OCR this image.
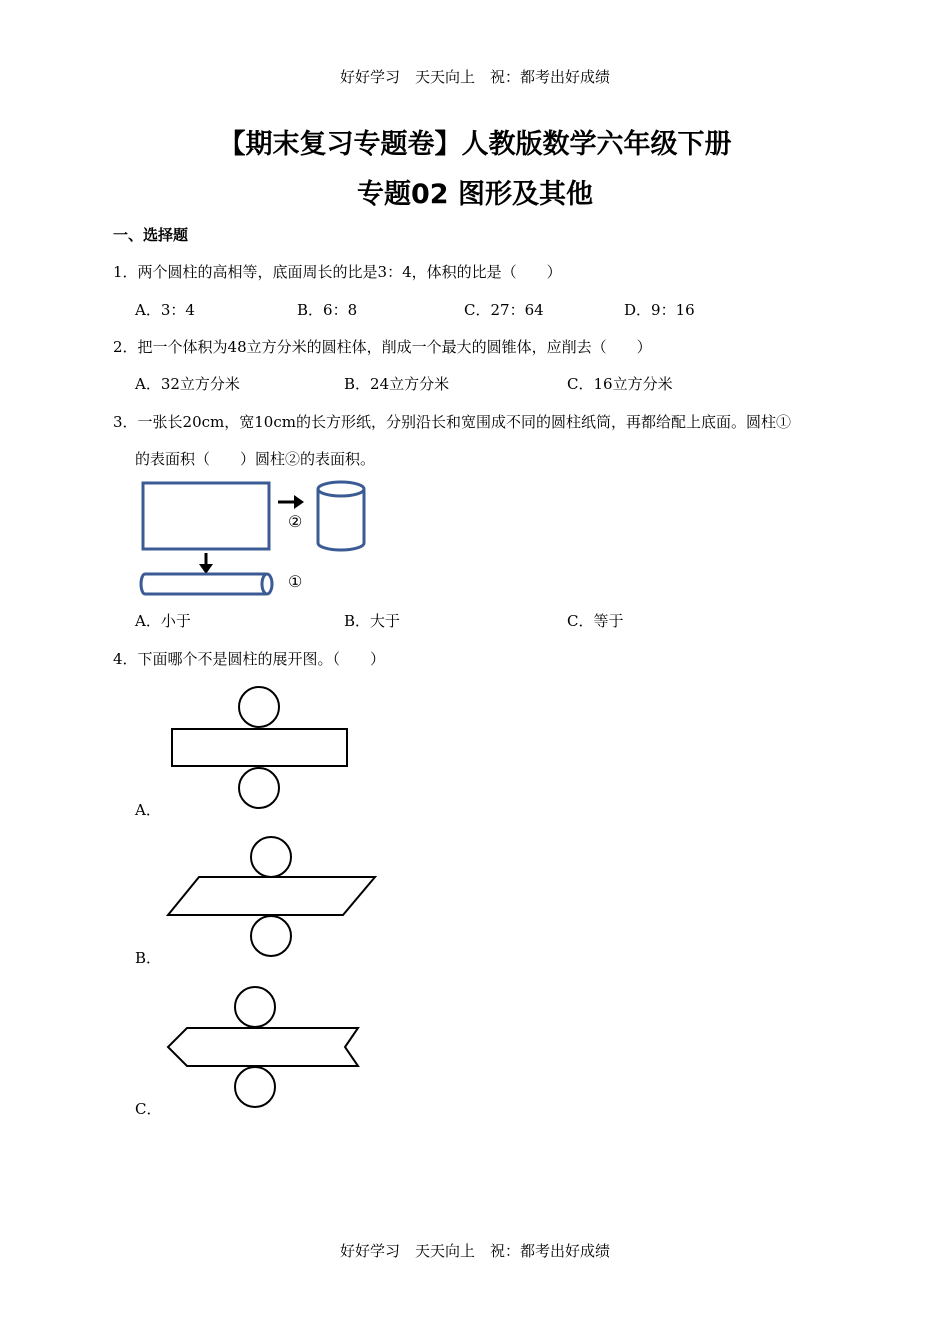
好好学习　天天向上　祝：都考出好成绩
【期末复习专题卷】人教版数学六年级下册
专题02 图形及其他
一、选择题
1．两个圆柱的高相等，底面周长的比是3：4，体积的比是（　　）
A．3：4	B．6：8	C．27：64	D．9：16
2．把一个体积为48立方分米的圆柱体，削成一个最大的圆锥体，应削去（　　）
A．32立方分米	B．24立方分米	C．16立方分米
3．一张长20cm，宽10cm的长方形纸，分别沿长和宽围成不同的圆柱纸筒，再都给配上底面。圆柱①
的表面积（　　）圆柱②的表面积。
②
①
A．小于	B．大于	C．等于
4．下面哪个不是圆柱的展开图。（　　）
A．
B．
C．
好好学习　天天向上　祝：都考出好成绩
